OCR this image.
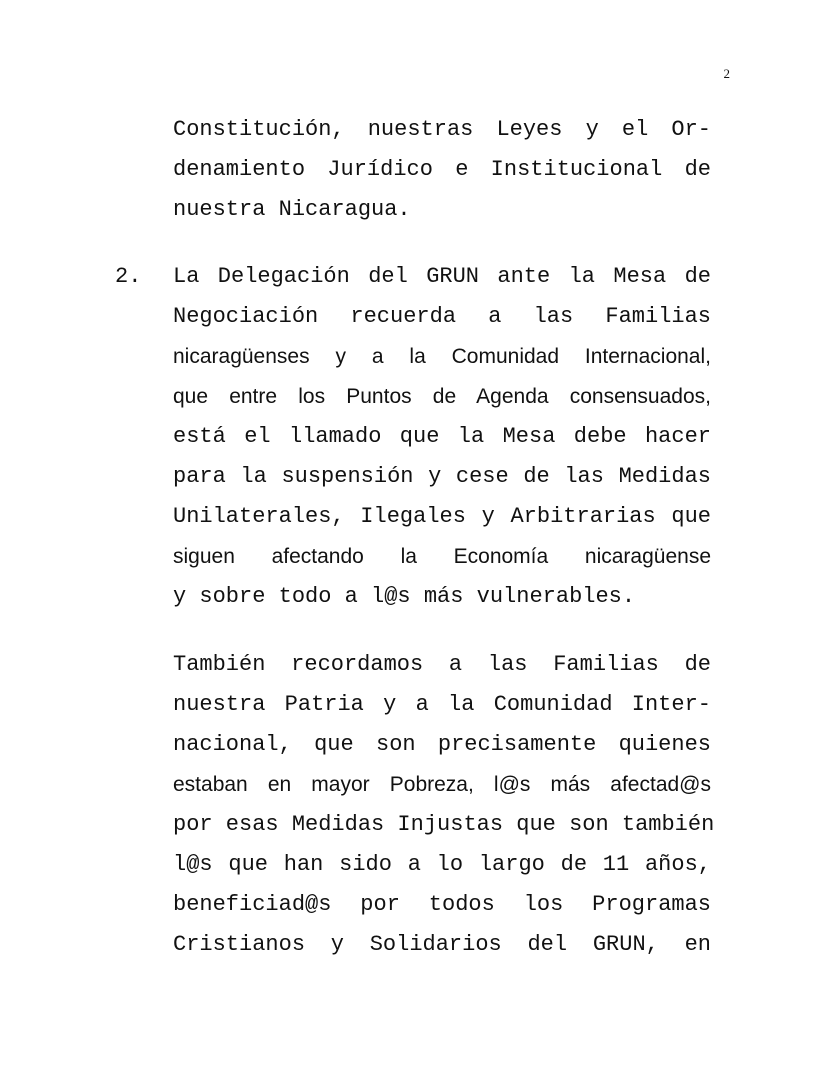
2
Constitución, nuestras Leyes y el Or-
denamiento Jurídico e Institucional de
nuestra Nicaragua.
2. La Delegación del GRUN ante la Mesa de
Negociación recuerda a las Familias
nicaragüenses y a la Comunidad Internacional,
que entre los Puntos de Agenda consensuados,
está el llamado que la Mesa debe hacer
para la suspensión y cese de las Medidas
Unilaterales, Ilegales y Arbitrarias que
siguen afectando la Economía nicaragüense
y sobre todo a l@s más vulnerables.
También recordamos a las Familias de
nuestra Patria y a la Comunidad Inter-
nacional, que son precisamente quienes
estaban en mayor Pobreza, l@s más afectad@s
por esas Medidas Injustas que son también
l@s que han sido a lo largo de 11 años,
beneficiad@s por todos los Programas
Cristianos y Solidarios del GRUN, en
